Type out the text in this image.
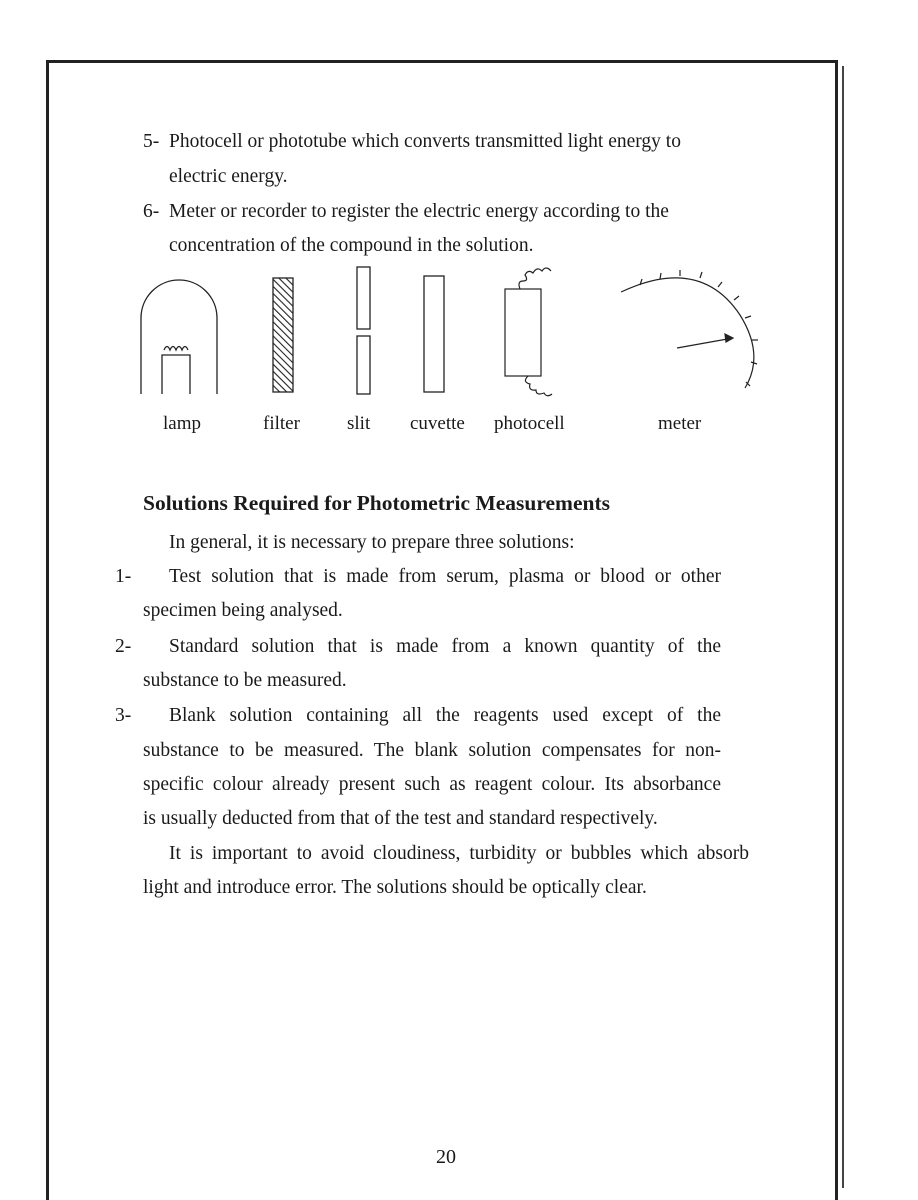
5- Photocell or phototube which converts transmitted light energy to
electric energy.
6- Meter or recorder to register the electric energy according to the
concentration of the compound in the solution.
lamp	filter slit cuvette photocell	meter
Solutions Required for Photometric Measurements
In general, it is necessary to prepare three solutions:
1- Test solution that is made from serum, plasma or blood or other
specimen being analysed.
2- Standard solution that is made from a known quantity of the
substance to be measured.
3- Blank solution containing all the reagents used except of the
substance to be measured. The blank solution compensates for non-
specific colour already present such as reagent colour. Its absorbance
is usually deducted from that of the test and standard respectively.
It is important to avoid cloudiness, turbidity or bubbles which absorb
light and introduce error. The solutions should be optically clear.
20
